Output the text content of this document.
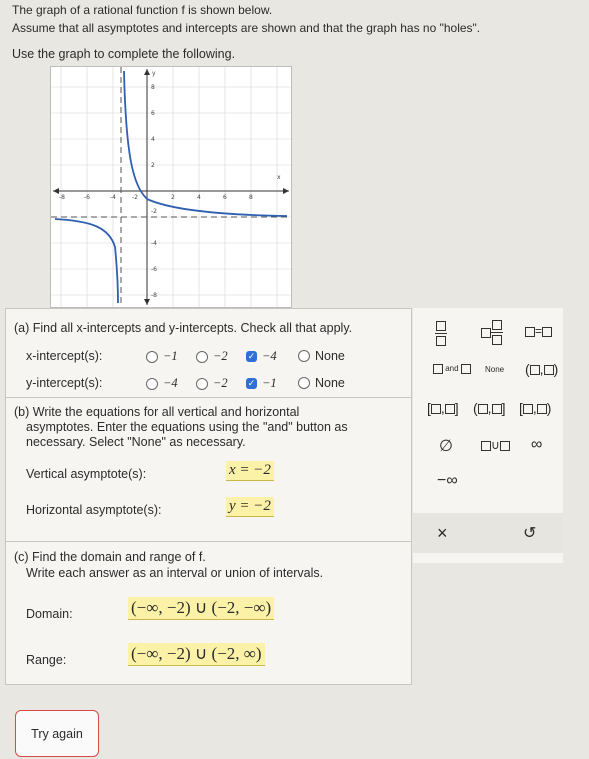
The graph of a rational function f is shown below.
Assume that all asymptotes and intercepts are shown and that the graph has no "holes".
Use the graph to complete the following.
x
y
-8	-6	-4	-2	2	4	6	8
8
6
4
2
-2
-4
-6
-8
(a) Find all x-intercepts and y-intercepts. Check all that apply.
x-intercept(s):	−1	−2 ✓ −4	None
y-intercept(s):	−4	−2 ✓ −1	None
(b) Write the equations for all vertical and horizontal
asymptotes. Enter the equations using the "and" button as
necessary. Select "None" as necessary.
Vertical asymptote(s):	x = −2
Horizontal asymptote(s):	y = −2
(c) Find the domain and range of f.
Write each answer as an interval or union of intervals.
Domain:	(−∞, −2) ∪ (−2, −∞)
Range:	(−∞, −2) ∪ (−2, ∞)
=
and	None ( , )
[ , ] ( , ] [ , )
∅	∪	∞
−∞
×	↺
Try again
